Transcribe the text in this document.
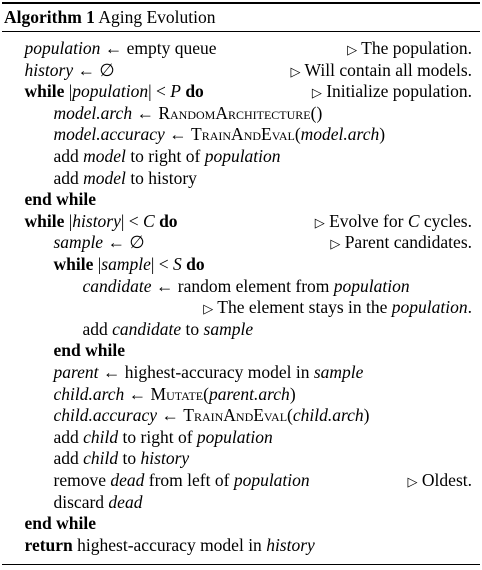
Algorithm 1 Aging Evolution
population ← empty queue	▷ The population.
history ← ∅	▷ Will contain all models.
while |population| < P do	▷ Initialize population.
model.arch ← RandomArchitecture()
model.accuracy ← TrainAndEval(model.arch)
add model to right of population
add model to history
end while
while |history| < C do	▷ Evolve for C cycles.
sample ← ∅	▷ Parent candidates.
while |sample| < S do
candidate ← random element from population
▷ The element stays in the population.
add candidate to sample
end while
parent ← highest-accuracy model in sample
child.arch ← Mutate(parent.arch)
child.accuracy ← TrainAndEval(child.arch)
add child to right of population
add child to history
remove dead from left of population	▷ Oldest.
discard dead
end while
return highest-accuracy model in history
